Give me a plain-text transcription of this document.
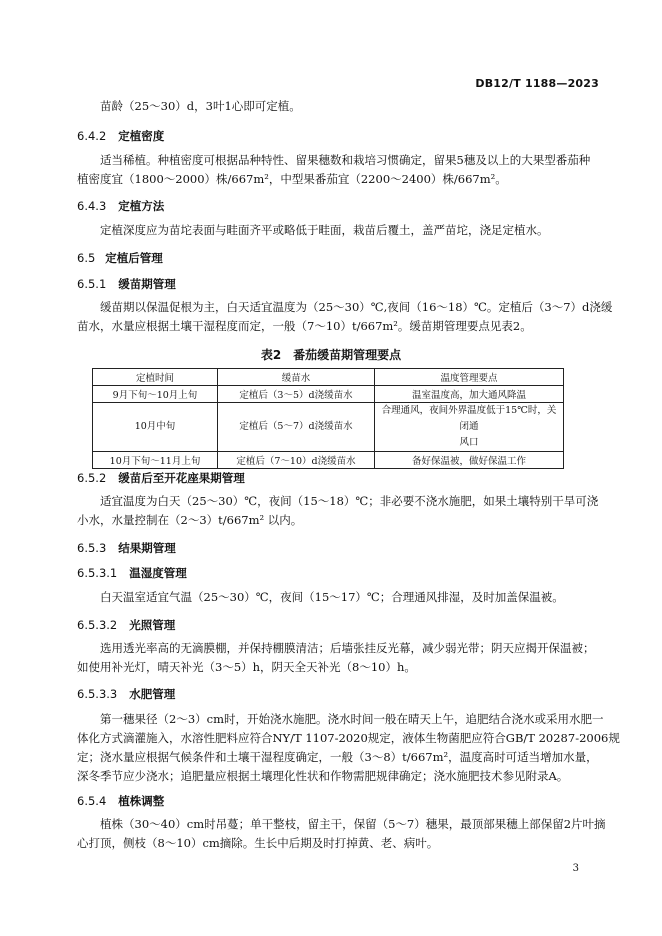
DB12/T 1188—2023
苗龄（25～30）d，3叶1心即可定植。
6.4.2 定植密度
适当稀植。种植密度可根据品种特性、留果穗数和栽培习惯确定，留果5穗及以上的大果型番茄种
植密度宜（1800～2000）株/667m²，中型果番茄宜（2200～2400）株/667m²。
6.4.3 定植方法
定植深度应为苗坨表面与畦面齐平或略低于畦面，栽苗后覆土，盖严苗坨，浇足定植水。
6.5 定植后管理
6.5.1 缓苗期管理
缓苗期以保温促根为主，白天适宜温度为（25～30）℃,夜间（16～18）℃。定植后（3～7）d浇缓
苗水，水量应根据土壤干湿程度而定，一般（7～10）t/667m²。缓苗期管理要点见表2。
表2　番茄缓苗期管理要点
定植时间	缓苗水	温度管理要点
9月下旬～10月上旬	定植后（3～5）d浇缓苗水	温室温度高，加大通风降温
10月中旬	定植后（5～7）d浇缓苗水	合理通风，夜间外界温度低于15℃时，关闭通
风口

10月下旬～11月上旬	定植后（7～10）d浇缓苗水	备好保温被，做好保温工作
6.5.2 缓苗后至开花座果期管理
适宜温度为白天（25～30）℃，夜间（15～18）℃；非必要不浇水施肥，如果土壤特别干旱可浇
小水，水量控制在（2～3）t/667m² 以内。
6.5.3 结果期管理
6.5.3.1 温湿度管理
白天温室适宜气温（25～30）℃，夜间（15～17）℃；合理通风排湿，及时加盖保温被。
6.5.3.2 光照管理
选用透光率高的无滴膜棚，并保持棚膜清洁；后墙张挂反光幕，减少弱光带；阴天应揭开保温被；
如使用补光灯，晴天补光（3～5）h，阴天全天补光（8～10）h。
6.5.3.3 水肥管理
第一穗果径（2～3）cm时，开始浇水施肥。浇水时间一般在晴天上午，追肥结合浇水或采用水肥一
体化方式滴灌施入，水溶性肥料应符合NY/T 1107-2020规定，液体生物菌肥应符合GB/T 20287-2006规
定；浇水量应根据气候条件和土壤干湿程度确定，一般（3～8）t/667m²，温度高时可适当增加水量，
深冬季节应少浇水；追肥量应根据土壤理化性状和作物需肥规律确定；浇水施肥技术参见附录A。
6.5.4 植株调整
植株（30～40）cm时吊蔓；单干整枝，留主干，保留（5～7）穗果，最顶部果穗上部保留2片叶摘
心打顶，侧枝（8～10）cm摘除。生长中后期及时打掉黄、老、病叶。
3
